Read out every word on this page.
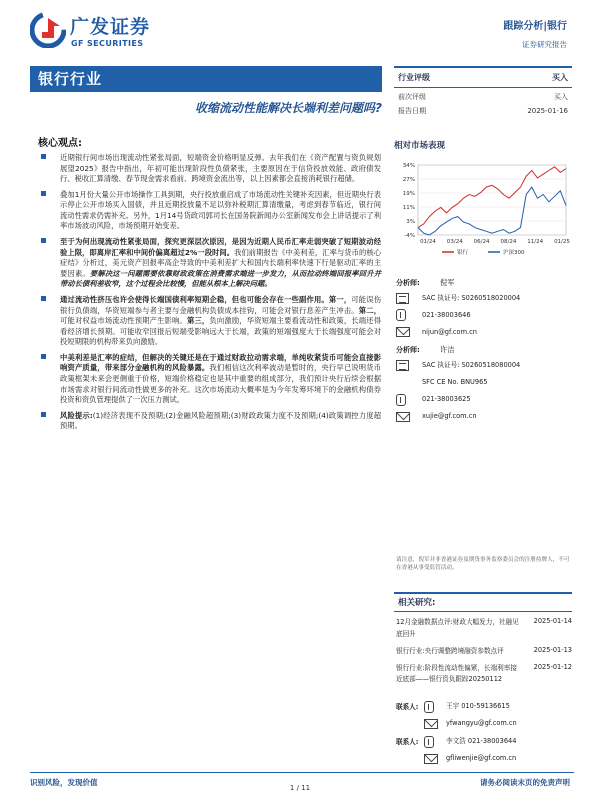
广发证券
GF SECURITIES
跟踪分析|银行
证券研究报告
银行行业
收缩流动性能解决长端利差问题吗?
行业评级	买入
前次评级	买入
报告日期	2025-01-16
核心观点:
近期银行间市场出现流动性紧张局面，短端资金价格明显反弹。去年我们在《资产配置与资负规划展望2025》报告中指出，年初可能出现阶段性负债紧张，主要原因在于信贷投放效能、政府债发行、税收汇算清缴、春节现金需求看前、跨境资金流出等，以上因素都会直接消耗银行超储。
叠加1月份大量公开市场操作工具到期，央行投放重启成了市场流动性关键补充因素，但近期央行表示停止公开市场买入国债，并且近期投放量不足以弥补税期汇算清缴量，考虑到春节临近，银行间流动性需求仍需补充。另外，1月14号货政司郭司长在国务院新闻办公室新闻发布会上讲话提示了利率市场波动风险，市场预期开始变差。
至于为何出现流动性紧张局面，探究更深层次原因，是因为近期人民币汇率走弱突破了短期波动经验上限，即离岸汇率和中间价偏离超过2%一段时间。我们前期报告《中美利差，汇率与货币的核心症结》分析过，美元资产回报率高企导致的中美利差扩大和国内长端利率快速下行是驱动汇率的主要因素。要解决这一问题需要依靠财政政策在消费需求端进一步发力，从而拉动终端回报率回升并带动长债利差收窄，这个过程会比较慢，但能从根本上解决问题。
通过流动性挤压也许会使得长端国债利率短期企稳，但也可能会存在一些副作用。第一，可能误伤银行负债端，华资短端参与者主要与金融机构负债成本挂钩，可能会对银行息差产生冲击。第二，可能对权益市场流动性预期产生影响。第三，负向激励，华资短端主要看流动性和政策，长端还得看经济增长预期。可能收窄回报后短端受影响远大于长端，政策的短端强度大于长端强度可能会对投短期限的机构带来负向激励。
中美利差是汇率的症结，但解决的关键还是在于通过财政拉动需求端，单纯收紧货币可能会直接影响资产质量，带来部分金融机构的风险暴露。我们相信这次利率波动是暂时的，央行早已说明货币政策框架未来会更侧重于价格，短端价格稳定也是其中重要的组成部分，我们预计央行后续会根据市场需求对银行间流动性做更多的补充。这次市场流动大概率是为今年发筹环境下的金融机构债券投资和资负管理提供了一次压力测试。
风险提示:(1)经济表现不及预期;(2)金融风险超预期;(3)财政政策力度不及预期;(4)政策调控力度超预期。
相对市场表现
-4%
3%
11%
19%
27%
34%
01/24 03/24 06/24 08/24 11/24 01/25
银行	沪深300
分析师:	倪军
SAC 执证号: S0260518020004
021-38003646
nijun@gf.com.cn
分析师:	许洁
SAC 执证号: S0260518080004
SFC CE No. BNU965
021-38003625
xujie@gf.com.cn
请注意，倪军并非香港证券及期货事务监察委员会的注册持牌人，不可在香港从事受监管活动。
相关研究:
12月金融数据点评:财政大幅发力，社融见底回升
2025-01-14
银行行业:央行调整跨境融资参数点评	2025-01-13
银行行业:阶段性流动性偏紧，长端利率接近底部——银行资负跟踪20250112
2025-01-12
联系人:	王宇 010-59136615
yfwangyu@gf.com.cn
联系人:	李文浩 021-38003644
gfliwenjie@gf.com.cn
识别风险，发现价值
1 / 11
请务必阅读末页的免责声明
